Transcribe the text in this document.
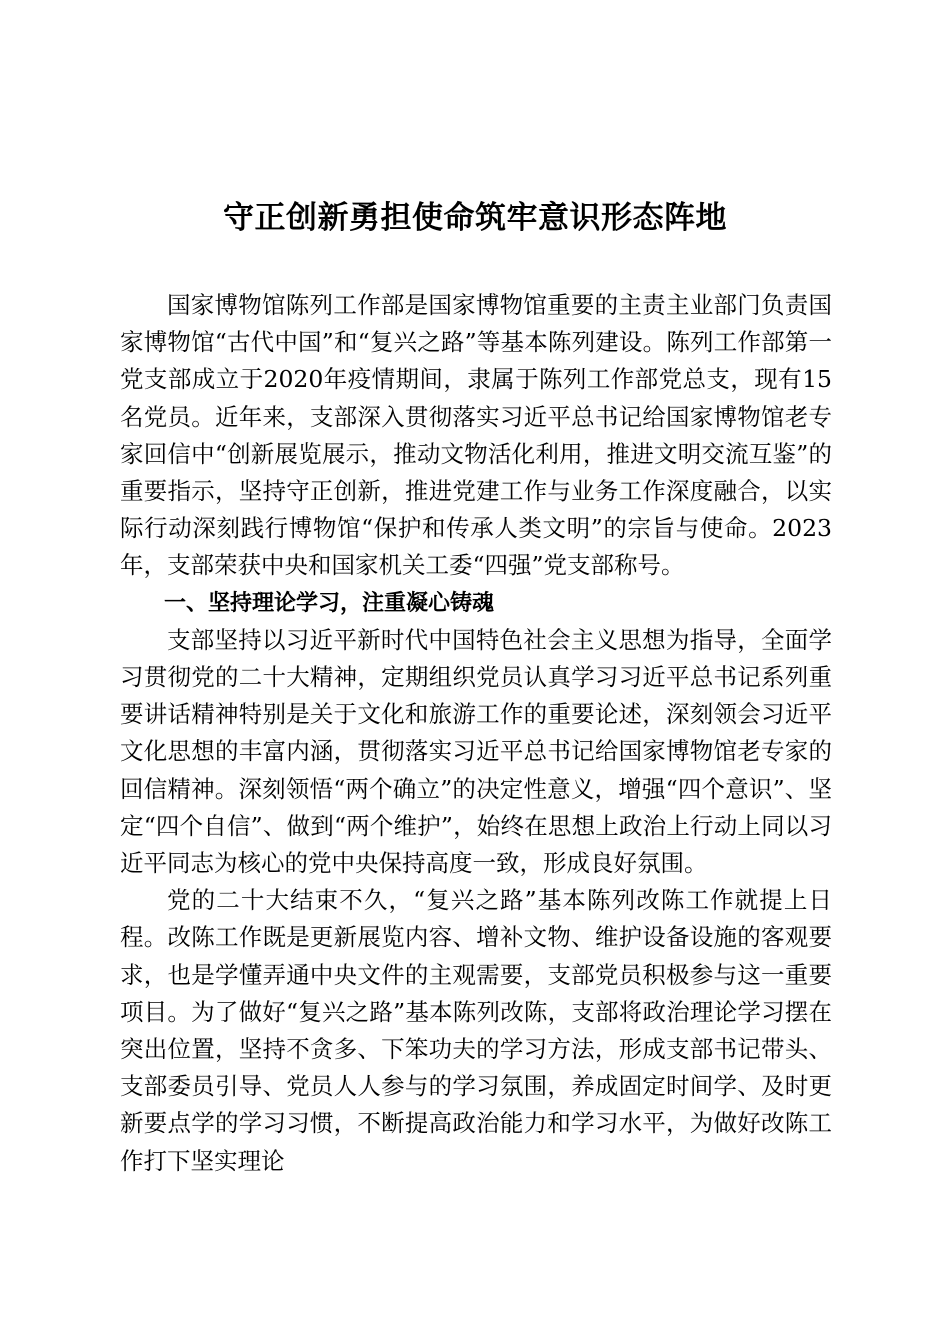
守正创新勇担使命筑牢意识形态阵地

国家博物馆陈列工作部是国家博物馆重要的主责主业部门负责国家博物馆“古代中国”和“复兴之路”等基本陈列建设。陈列工作部第一党支部成立于2020年疫情期间，隶属于陈列工作部党总支，现有15名党员。近年来，支部深入贯彻落实习近平总书记给国家博物馆老专家回信中“创新展览展示，推动文物活化利用，推进文明交流互鉴”的重要指示，坚持守正创新，推进党建工作与业务工作深度融合，以实际行动深刻践行博物馆“保护和传承人类文明”的宗旨与使命。2023年，支部荣获中央和国家机关工委“四强”党支部称号。

一、坚持理论学习，注重凝心铸魂

支部坚持以习近平新时代中国特色社会主义思想为指导，全面学习贯彻党的二十大精神，定期组织党员认真学习习近平总书记系列重要讲话精神特别是关于文化和旅游工作的重要论述，深刻领会习近平文化思想的丰富内涵，贯彻落实习近平总书记给国家博物馆老专家的回信精神。深刻领悟“两个确立”的决定性意义，增强“四个意识”、坚定“四个自信”、做到“两个维护”，始终在思想上政治上行动上同以习近平同志为核心的党中央保持高度一致，形成良好氛围。

党的二十大结束不久，“复兴之路”基本陈列改陈工作就提上日程。改陈工作既是更新展览内容、增补文物、维护设备设施的客观要求，也是学懂弄通中央文件的主观需要，支部党员积极参与这一重要项目。为了做好“复兴之路”基本陈列改陈，支部将政治理论学习摆在突出位置，坚持不贪多、下笨功夫的学习方法，形成支部书记带头、支部委员引导、党员人人参与的学习氛围，养成固定时间学、及时更新要点学的学习习惯，不断提高政治能力和学习水平，为做好改陈工作打下坚实理论
